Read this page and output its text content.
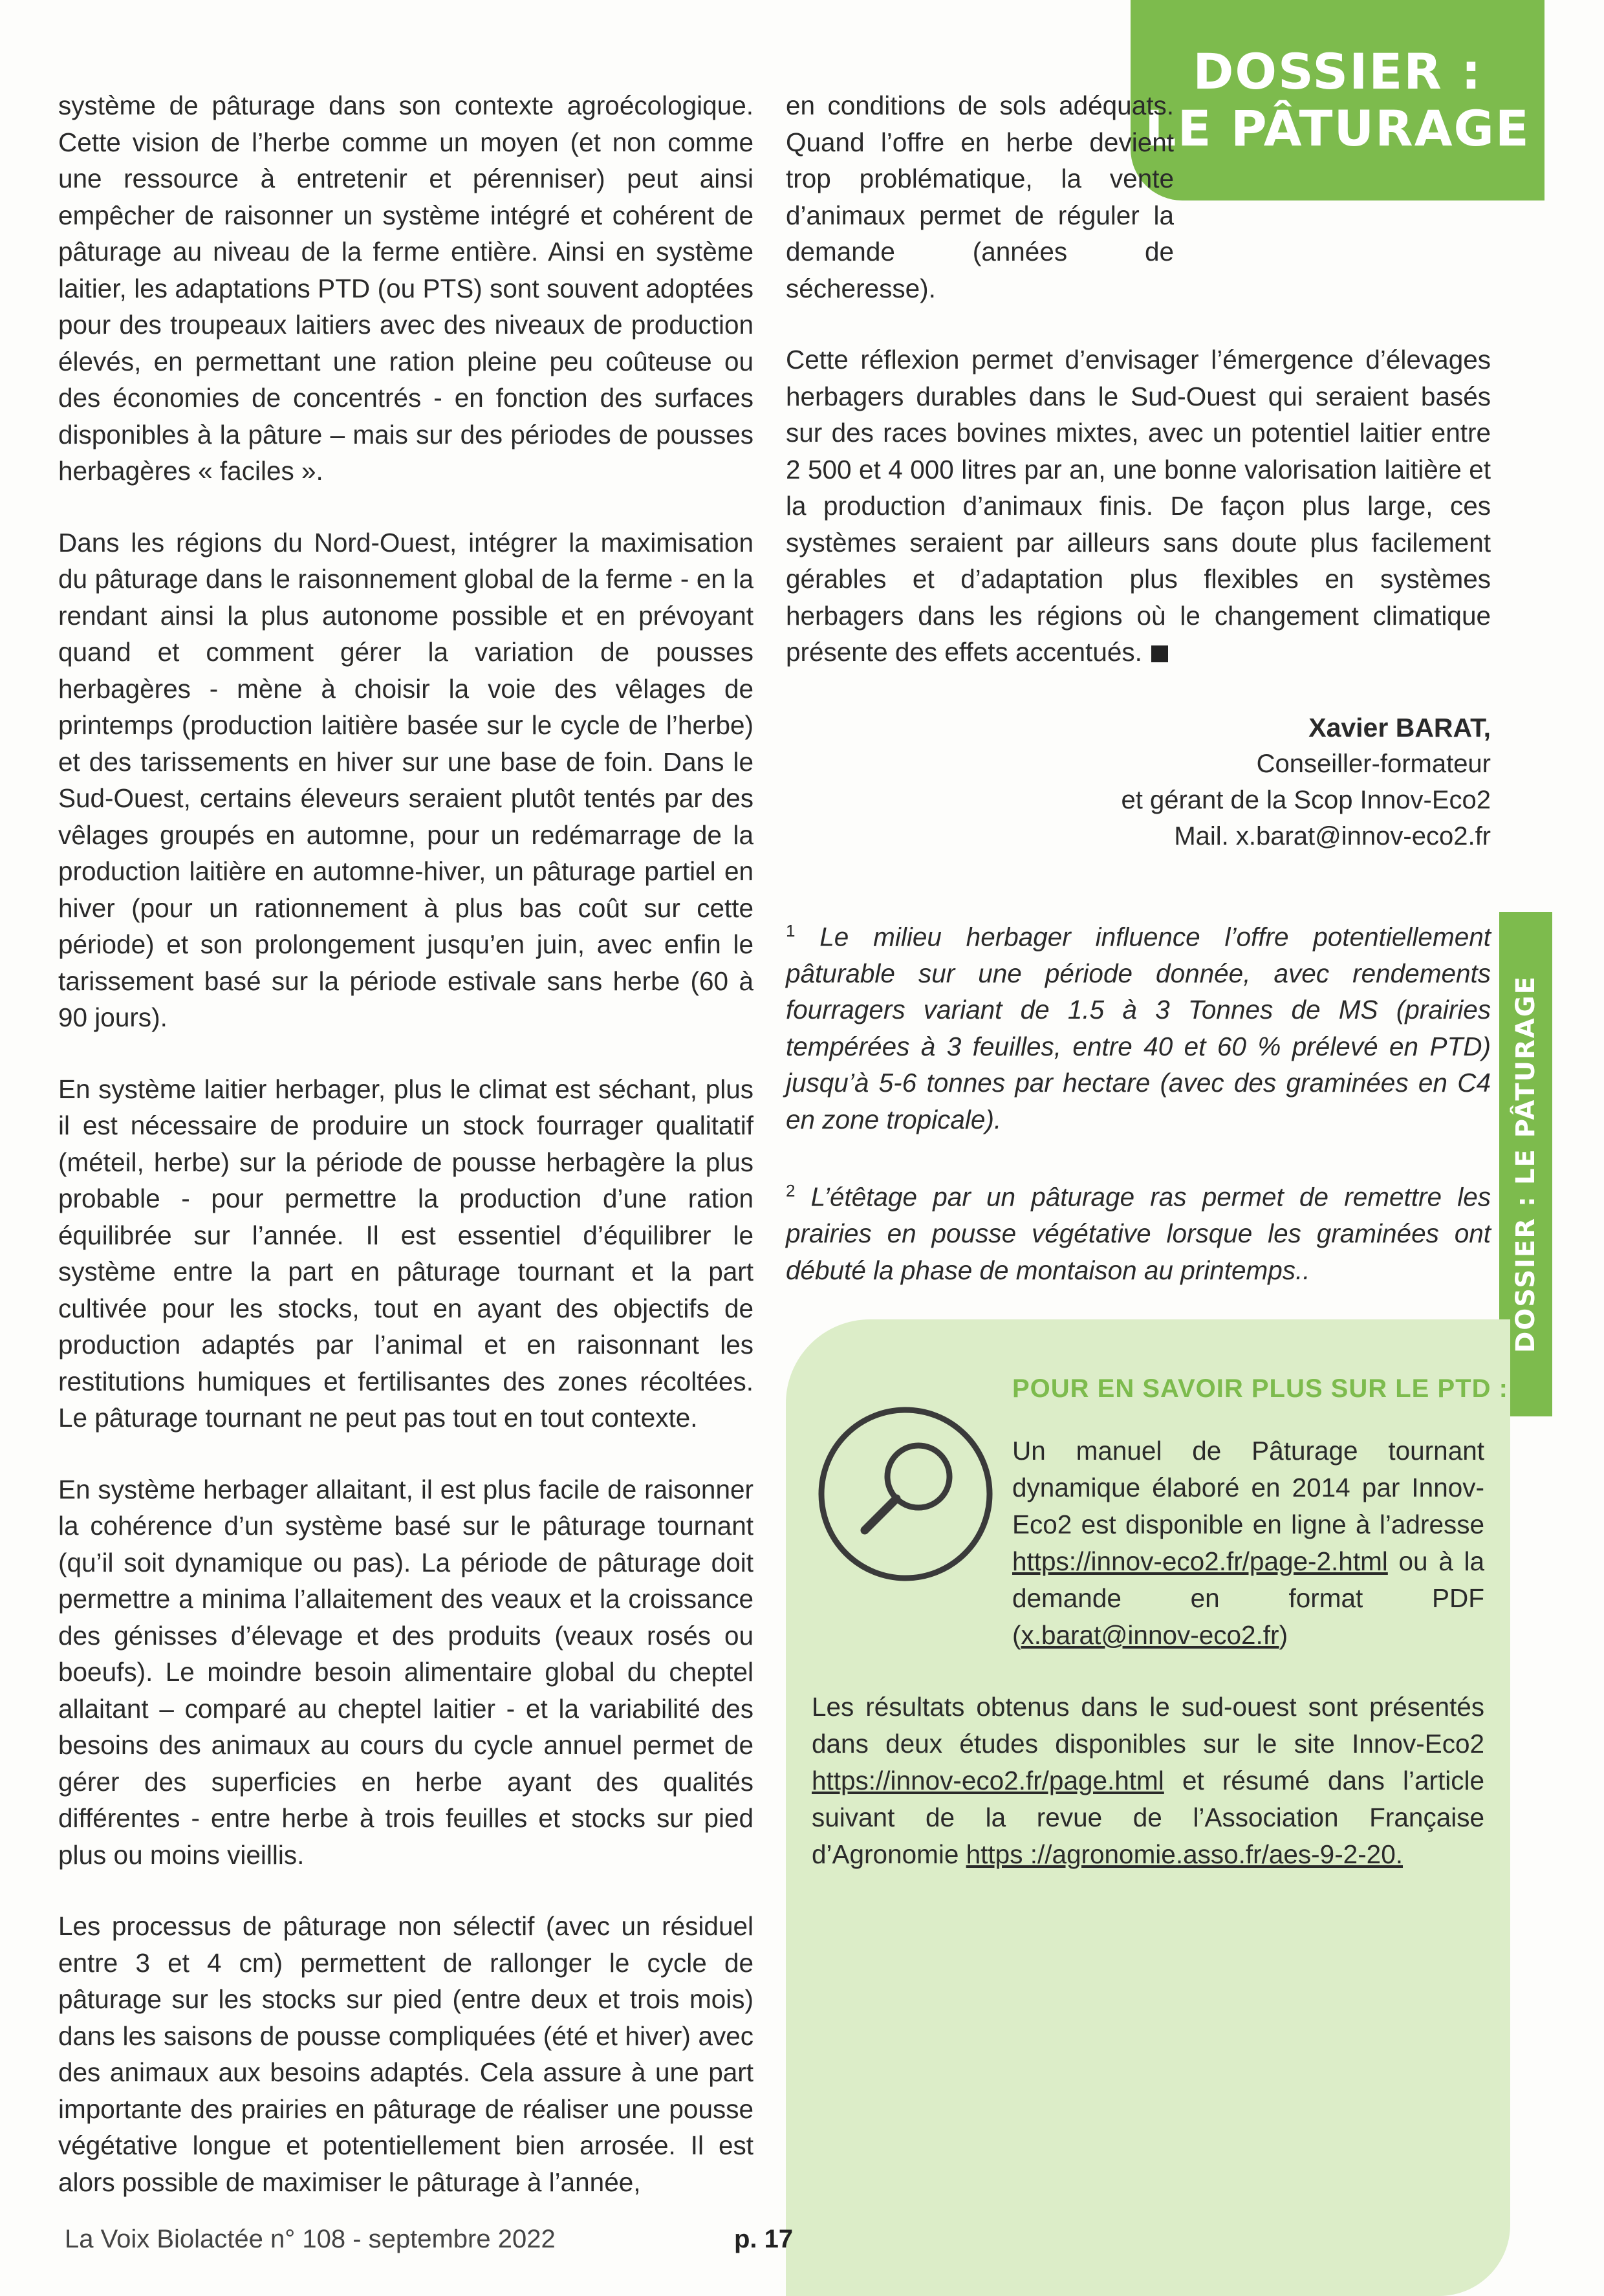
DOSSIER :
LE PÂTURAGE
DOSSIER : LE PÂTURAGE

système de pâturage dans son contexte agroécologique. Cette vision de l’herbe comme un moyen (et non comme une ressource à entretenir et pérenniser) peut ainsi empêcher de raisonner un système intégré et cohérent de pâturage au niveau de la ferme entière. Ainsi en système laitier, les adaptations PTD (ou PTS) sont souvent adoptées pour des troupeaux laitiers avec des niveaux de production élevés, en permettant une ration pleine peu coûteuse ou des économies de concentrés - en fonction des surfaces disponibles à la pâture – mais sur des périodes de pousses herbagères « faciles ».

Dans les régions du Nord-Ouest, intégrer la maximisation du pâturage dans le raisonnement global de la ferme - en la rendant ainsi la plus autonome possible et en prévoyant quand et comment gérer la variation de pousses herbagères - mène à choisir la voie des vêlages de printemps (production laitière basée sur le cycle de l’herbe) et des tarissements en hiver sur une base de foin. Dans le Sud-Ouest, certains éleveurs seraient plutôt tentés par des vêlages groupés en automne, pour un redémarrage de la production laitière en automne-hiver, un pâturage partiel en hiver (pour un rationnement à plus bas coût sur cette période) et son prolongement jusqu’en juin, avec enfin le tarissement basé sur la période estivale sans herbe (60 à 90 jours).

En système laitier herbager, plus le climat est séchant, plus il est nécessaire de produire un stock fourrager qualitatif (méteil, herbe) sur la période de pousse herbagère la plus probable - pour permettre la production d’une ration équilibrée sur l’année. Il est essentiel d’équilibrer le système entre la part en pâturage tournant et la part cultivée pour les stocks, tout en ayant des objectifs de production adaptés par l’animal et en raisonnant les restitutions humiques et fertilisantes des zones récoltées. Le pâturage tournant ne peut pas tout en tout contexte.

En système herbager allaitant, il est plus facile de raisonner la cohérence d’un système basé sur le pâturage tournant (qu’il soit dynamique ou pas). La période de pâturage doit permettre a minima l’allaitement des veaux et la croissance des génisses d’élevage et des produits (veaux rosés ou boeufs). Le moindre besoin alimentaire global du cheptel allaitant – comparé au cheptel laitier - et la variabilité des besoins des animaux au cours du cycle annuel permet de gérer des superficies en herbe ayant des qualités différentes - entre herbe à trois feuilles et stocks sur pied plus ou moins vieillis.

Les processus de pâturage non sélectif (avec un résiduel entre 3 et 4 cm) permettent de rallonger le cycle de pâturage sur les stocks sur pied (entre deux et trois mois) dans les saisons de pousse compliquées (été et hiver) avec des animaux aux besoins adaptés. Cela assure à une part importante des prairies en pâturage de réaliser une pousse végétative longue et potentiellement bien arrosée. Il est alors possible de maximiser le pâturage à l’année,

en conditions de sols adéquats. Quand l’offre en herbe devient trop problématique, la vente d’animaux permet de réguler la demande (années de sécheresse).

Cette réflexion permet d’envisager l’émergence d’élevages herbagers durables dans le Sud-Ouest qui seraient basés sur des races bovines mixtes, avec un potentiel laitier entre 2 500 et 4 000 litres par an, une bonne valorisation laitière et la production d’animaux finis. De façon plus large, ces systèmes seraient par ailleurs sans doute plus facilement gérables et d’adaptation plus flexibles en systèmes herbagers dans les régions où le changement climatique présente des effets accentués.

Xavier BARAT,
Conseiller-formateur
et gérant de la Scop Innov-Eco2
Mail. x.barat@innov-eco2.fr

$^1$ Le milieu herbager influence l’offre potentiellement pâturable sur une période donnée, avec rendements fourragers variant de 1.5 à 3 Tonnes de MS (prairies tempérées à 3 feuilles, entre 40 et 60 % prélevé en PTD) jusqu’à 5-6 tonnes par hectare (avec des graminées en C4 en zone tropicale).

$^2$ L’étêtage par un pâturage ras permet de remettre les prairies en pousse végétative lorsque les graminées ont débuté la phase de montaison au printemps..

POUR EN SAVOIR PLUS SUR LE PTD :

Un manuel de Pâturage tournant dynamique élaboré en 2014 par Innov-Eco2 est disponible en ligne à l’adresse https://innov-eco2.fr/page-2.html ou à la demande en format PDF (x.barat@innov-eco2.fr)

Les résultats obtenus dans le sud-ouest sont présentés dans deux études disponibles sur le site Innov-Eco2 https://innov-eco2.fr/page.html et résumé dans l’article suivant de la revue de l’Association Française d’Agronomie https ://agronomie.asso.fr/aes-9-2-20.

La Voix Biolactée n° 108 - septembre 2022	p. 17
